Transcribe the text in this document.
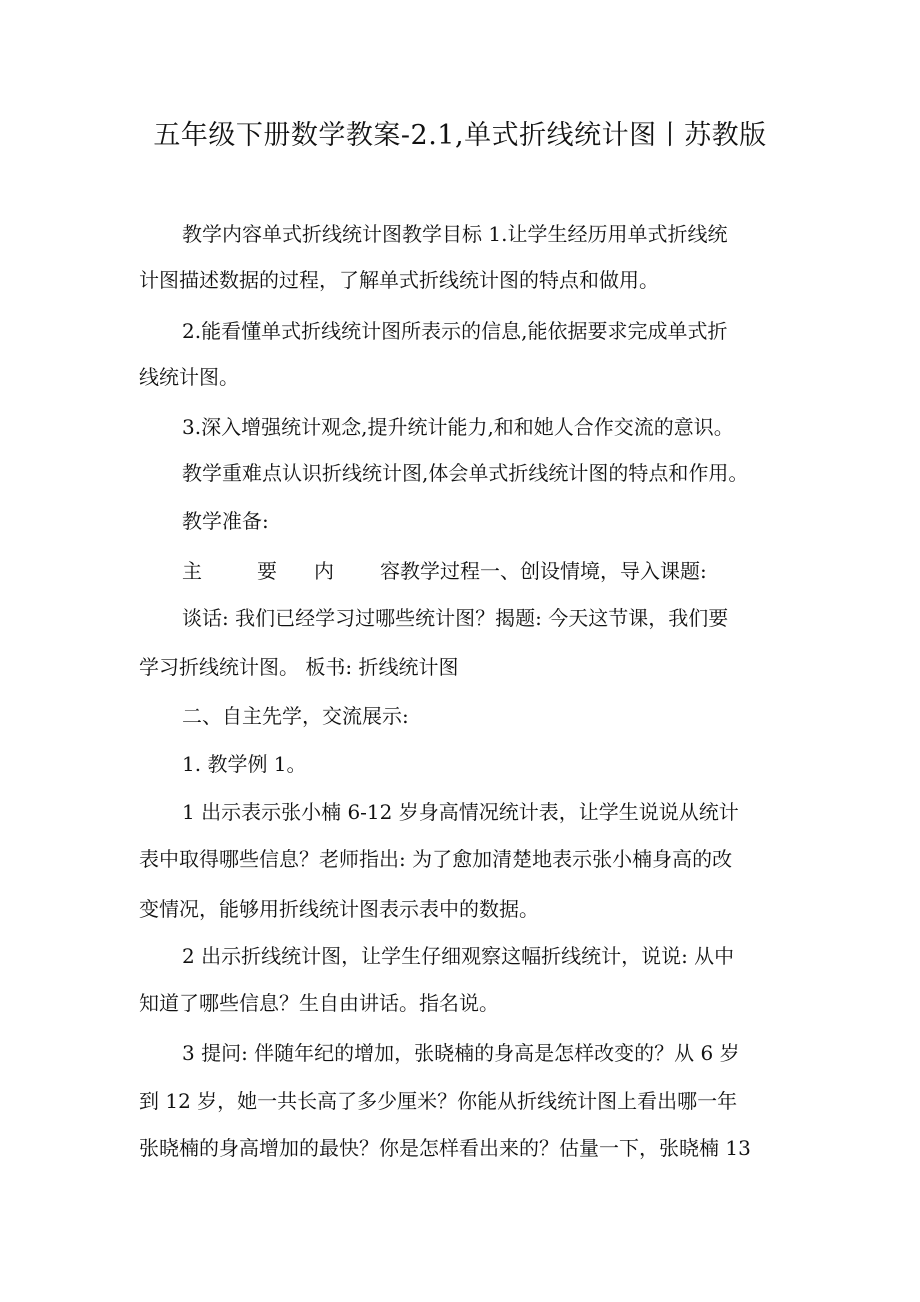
五年级下册数学教案-2.1,单式折线统计图丨苏教版
教学内容单式折线统计图教学目标 1.让学生经历用单式折线统
计图描述数据的过程，了解单式折线统计图的特点和做用。
2.能看懂单式折线统计图所表示的信息,能依据要求完成单式折
线统计图。
3.深入增强统计观念,提升统计能力,和和她人合作交流的意识。
教学重难点认识折线统计图,体会单式折线统计图的特点和作用。
教学准备:
主	要 内 容教学过程一、创设情境，导入课题:
谈话: 我们已经学习过哪些统计图？揭题: 今天这节课，我们要
学习折线统计图。 板书: 折线统计图
二、自主先学，交流展示:
1. 教学例 1。
1 出示表示张小楠 6-12 岁身高情况统计表，让学生说说从统计
表中取得哪些信息？老师指出: 为了愈加清楚地表示张小楠身高的改
变情况，能够用折线统计图表示表中的数据。
2 出示折线统计图，让学生仔细观察这幅折线统计，说说: 从中
知道了哪些信息？生自由讲话。指名说。
3 提问: 伴随年纪的增加，张晓楠的身高是怎样改变的？从 6 岁
到 12 岁，她一共长高了多少厘米？你能从折线统计图上看出哪一年
张晓楠的身高增加的最快？你是怎样看出来的？估量一下，张晓楠 13
